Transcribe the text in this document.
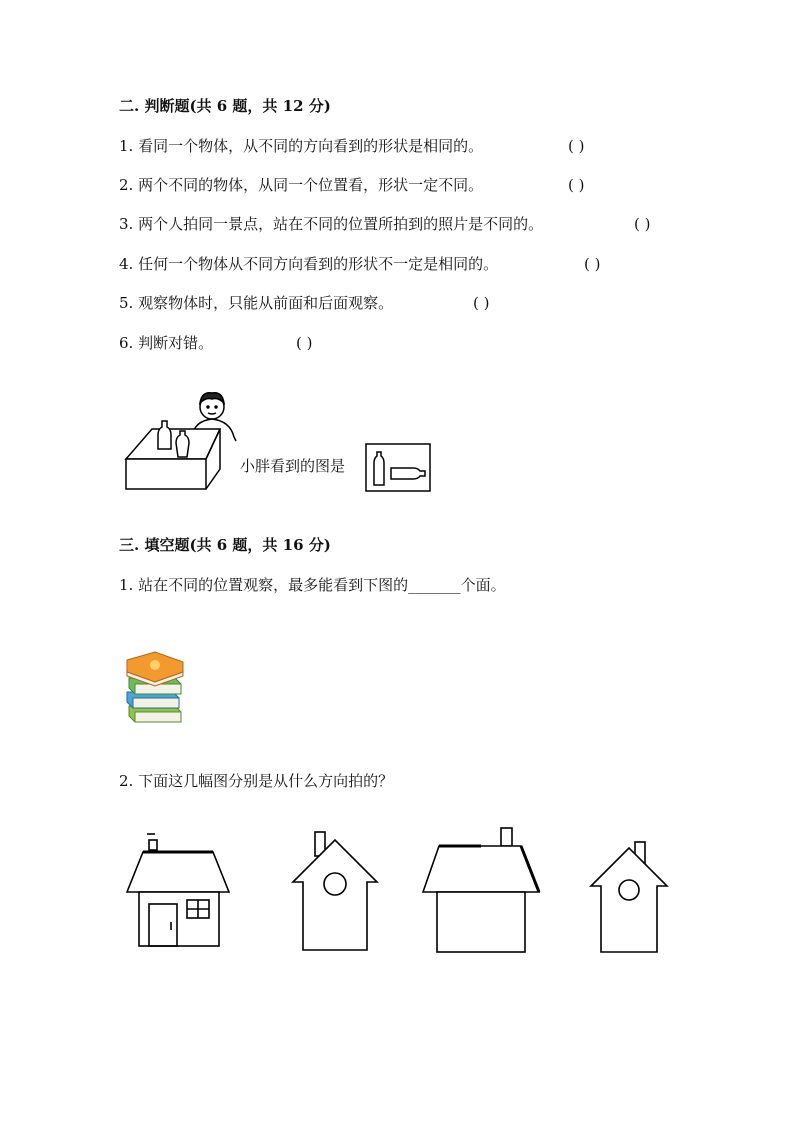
二. 判断题(共 6 题，共 12 分)
1. 看同一个物体，从不同的方向看到的形状是相同的。	( )
2. 两个不同的物体，从同一个位置看，形状一定不同。	( )
3. 两个人拍同一景点，站在不同的位置所拍到的照片是不同的。	( )
4. 任何一个物体从不同方向看到的形状不一定是相同的。	( )
5. 观察物体时，只能从前面和后面观察。	( )
6. 判断对错。	( )
小胖看到的图是
三. 填空题(共 6 题，共 16 分)
1. 站在不同的位置观察，最多能看到下图的_______个面。
2. 下面这几幅图分别是从什么方向拍的？
